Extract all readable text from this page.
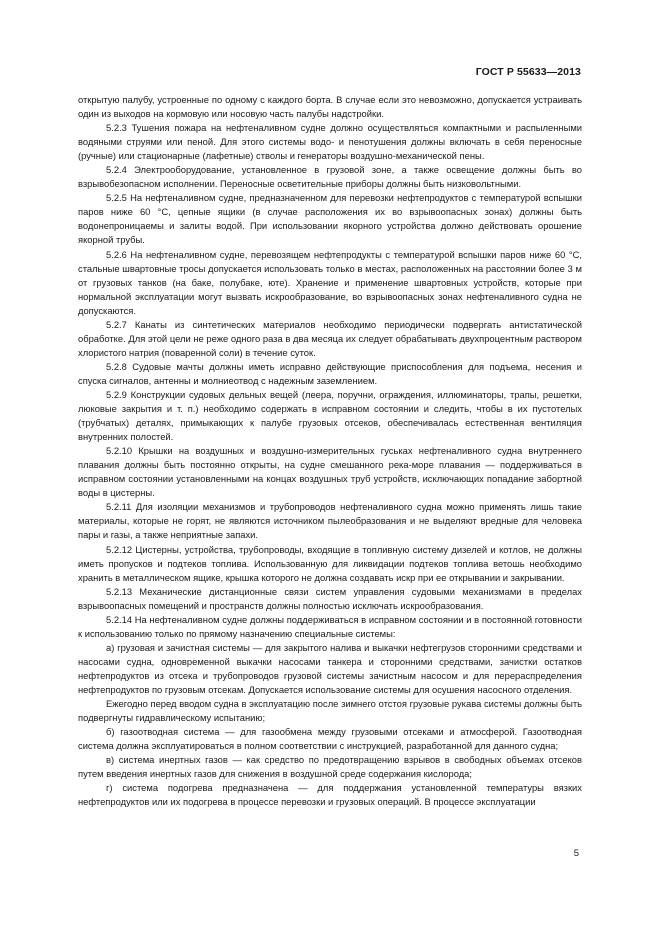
ГОСТ Р 55633—2013

открытую палубу, устроенные по одному с каждого борта. В случае если это невозможно, допускается устраивать один из выходов на кормовую или носовую часть палубы надстройки.

5.2.3 Тушения пожара на нефтеналивном судне должно осуществляться компактными и распыленными водяными струями или пеной. Для этого системы водо- и пенотушения должны включать в себя переносные (ручные) или стационарные (лафетные) стволы и генераторы воздушно-механической пены.

5.2.4 Электрооборудование, установленное в грузовой зоне, а также освещение должны быть во взрывобезопасном исполнении. Переносные осветительные приборы должны быть низковольтными.

5.2.5 На нефтеналивном судне, предназначенном для перевозки нефтепродуктов с температурой вспышки паров ниже 60 °С, цепные ящики (в случае расположения их во взрывоопасных зонах) должны быть водонепроницаемы и залиты водой. При использовании якорного устройства должно действовать орошение якорной трубы.

5.2.6 На нефтеналивном судне, перевозящем нефтепродукты с температурой вспышки паров ниже 60 °С, стальные швартовные тросы допускается использовать только в местах, расположенных на расстоянии более 3 м от грузовых танков (на баке, полубаке, юте). Хранение и применение швартовных устройств, которые при нормальной эксплуатации могут вызвать искрообразование, во взрывоопасных зонах нефтеналивного судна не допускаются.

5.2.7 Канаты из синтетических материалов необходимо периодически подвергать антистатической обработке. Для этой цели не реже одного раза в два месяца их следует обрабатывать двухпроцентным раствором хлористого натрия (поваренной соли) в течение суток.

5.2.8 Судовые мачты должны иметь исправно действующие приспособления для подъема, несения и спуска сигналов, антенны и молниеотвод с надежным заземлением.

5.2.9 Конструкции судовых дельных вещей (леера, поручни, ограждения, иллюминаторы, трапы, решетки, люковые закрытия и т. п.) необходимо содержать в исправном состоянии и следить, чтобы в их пустотелых (трубчатых) деталях, примыкающих к палубе грузовых отсеков, обеспечивалась естественная вентиляция внутренних полостей.

5.2.10 Крышки на воздушных и воздушно-измерительных гуськах нефтеналивного судна внутреннего плавания должны быть постоянно открыты, на судне смешанного река-море плавания — поддерживаться в исправном состоянии установленными на концах воздушных труб устройств, исключающих попадание забортной воды в цистерны.

5.2.11 Для изоляции механизмов и трубопроводов нефтеналивного судна можно применять лишь такие материалы, которые не горят, не являются источником пылеобразования и не выделяют вредные для человека пары и газы, а также неприятные запахи.

5.2.12 Цистерны, устройства, трубопроводы, входящие в топливную систему дизелей и котлов, не должны иметь пропусков и подтеков топлива. Использованную для ликвидации подтеков топлива ветошь необходимо хранить в металлическом ящике, крышка которого не должна создавать искр при ее открывании и закрывании.

5.2.13 Механические дистанционные связи систем управления судовыми механизмами в пределах взрывоопасных помещений и пространств должны полностью исключать искрообразования.

5.2.14 На нефтеналивном судне должны поддерживаться в исправном состоянии и в постоянной готовности к использованию только по прямому назначению специальные системы:

а) грузовая и зачистная системы — для закрытого налива и выкачки нефтегрузов сторонними средствами и насосами судна, одновременной выкачки насосами танкера и сторонними средствами, зачистки остатков нефтепродуктов из отсека и трубопроводов грузовой системы зачистным насосом и для перераспределения нефтепродуктов по грузовым отсекам. Допускается использование системы для осушения насосного отделения.

Ежегодно перед вводом судна в эксплуатацию после зимнего отстоя грузовые рукава системы должны быть подвергнуты гидравлическому испытанию;

б) газоотводная система — для газообмена между грузовыми отсеками и атмосферой. Газоотводная система должна эксплуатироваться в полном соответствии с инструкцией, разработанной для данного судна;

в) система инертных газов — как средство по предотвращению взрывов в свободных объемах отсеков путем введения инертных газов для снижения в воздушной среде содержания кислорода;

г) система подогрева предназначена — для поддержания установленной температуры вязких нефтепродуктов или их подогрева в процессе перевозки и грузовых операций. В процессе эксплуатации

5
